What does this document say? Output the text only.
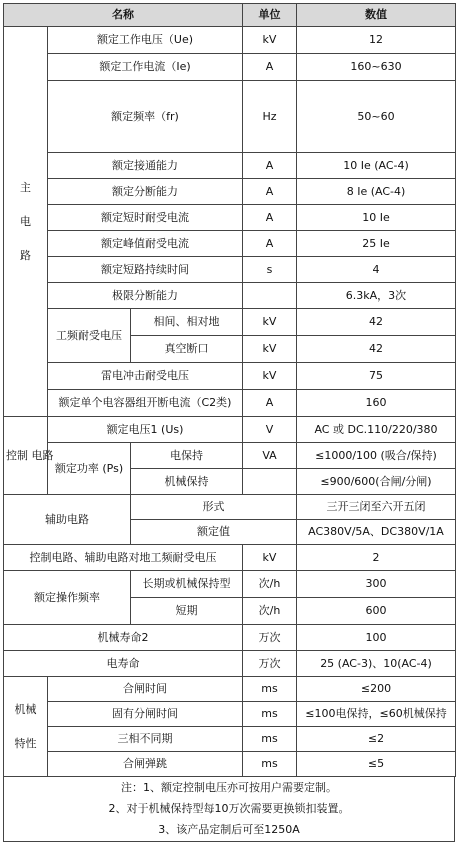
名称			单位	数值
主
电
路	额定工作电压（Ue)		kV	12
	额定工作电流（Ie)		A	160~630
	额定频率（fr)		Hz	50~60
	额定接通能力		A	10 Ie (AC-4)
	额定分断能力		A	8 Ie (AC-4)
	额定短时耐受电流		A	10 Ie
	额定峰值耐受电流		A	25 Ie
	额定短路持续时间		s	4
	极限分断能力			6.3kA，3次
	工频耐受电压	相间、相对地	kV	42
		真空断口	kV	42
	雷电冲击耐受电压		kV	75
	额定单个电容器组开断电流（C2类)		A	160
控制 电路	额定电压1 (Us)		V	AC 或 DC.110/220/380
	额定功率 (Ps)	电保持	VA	≤1000/100 (吸合/保持)
		机械保持		≤900/600(合闸/分闸)
辅助电路		形式		三开三闭至六开五闭
		额定值		AC380V/5A、DC380V/1A
控制电路、辅助电路对地工频耐受电压			kV	2
额定操作频率		长期或机械保持型	次/h	300
		短期	次/h	600
机械寿命2			万次	100
电寿命			万次	25 (AC-3)、10(AC-4)
机械
特性	合闸时间		ms	≤200
	固有分闸时间		ms	≤100电保持，≤60机械保持
	三相不同期		ms	≤2
	合闸弹跳		ms	≤5
注：1、额定控制电压亦可按用户需要定制。
2、对于机械保持型每10万次需要更换锁扣装置。
3、该产品定制后可至1250A
